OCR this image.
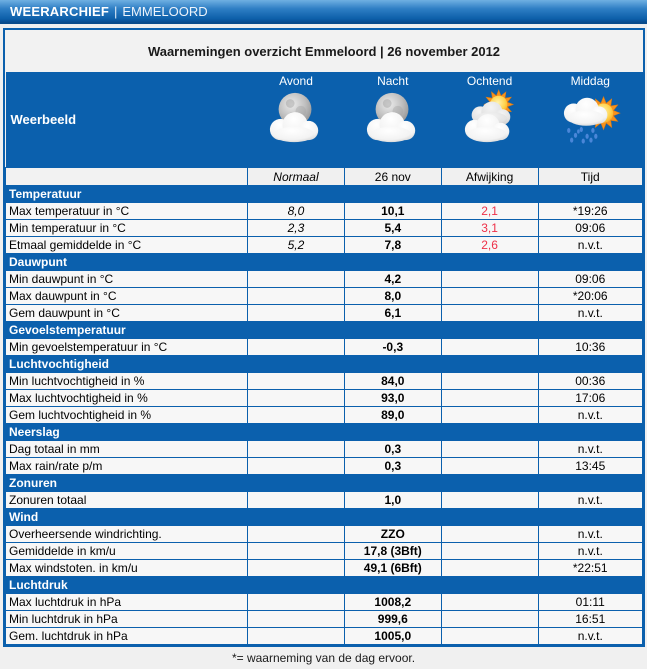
WEERARCHIEF | EMMELOORD
Waarnemingen overzicht Emmeloord | 26 november 2012				
Weerbeeld	Avond	Nacht	Ochtend	Middag

	Normaal	26 nov	Afwijking	Tijd
Temperatuur				
Max temperatuur in °C	8,0	10,1	2,1	*19:26
Min temperatuur in °C	2,3	5,4	3,1	09:06
Etmaal gemiddelde in °C	5,2	7,8	2,6	n.v.t.
Dauwpunt				
Min dauwpunt in °C		4,2		09:06
Max dauwpunt in °C		8,0		*20:06
Gem dauwpunt in °C		6,1		n.v.t.
Gevoelstemperatuur				
Min gevoelstemperatuur in °C		-0,3		10:36
Luchtvochtigheid				
Min luchtvochtigheid in %		84,0		00:36
Max luchtvochtigheid in %		93,0		17:06
Gem luchtvochtigheid in %		89,0		n.v.t.
Neerslag				
Dag totaal in mm		0,3		n.v.t.
Max rain/rate p/m		0,3		13:45
Zonuren				
Zonuren totaal		1,0		n.v.t.
Wind				
Overheersende windrichting.		ZZO		n.v.t.
Gemiddelde in km/u		17,8 (3Bft)		n.v.t.
Max windstoten. in km/u		49,1 (6Bft)		*22:51
Luchtdruk				
Max luchtdruk in hPa		1008,2		01:11
Min luchtdruk in hPa		999,6		16:51
Gem. luchtdruk in hPa		1005,0		n.v.t.
*= waarneming van de dag ervoor.
